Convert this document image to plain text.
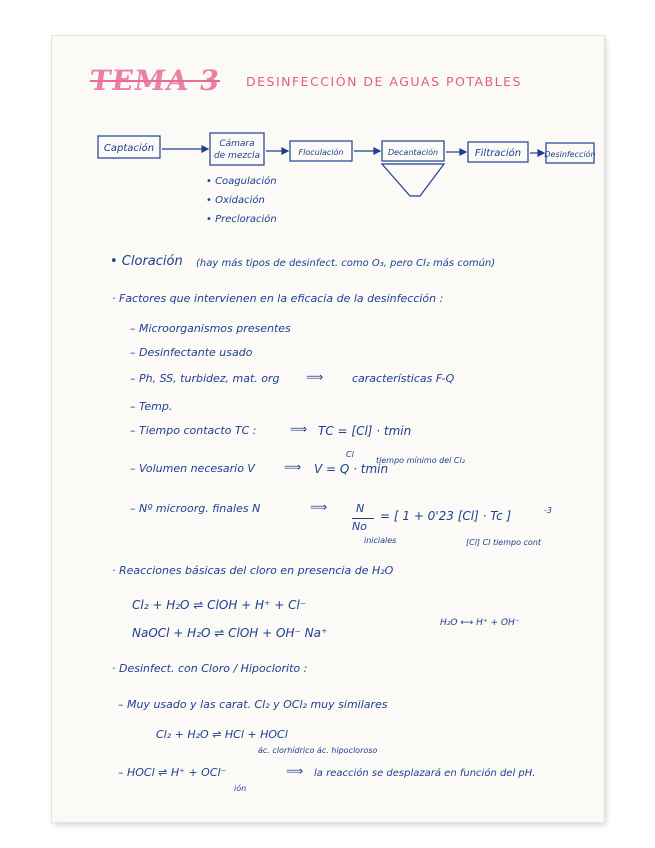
TEMA 3 DESINFECCIÓN DE AGUAS POTABLES
Captación	Cámara
de mezcla	Floculación	Decantación	Filtración	Desinfección
• Coagulación
• Oxidación
• Precloración
• Cloración (hay más tipos de desinfect. como O₃, pero Cl₂ más común)
· Factores que intervienen en la eficacia de la desinfección :
– Microorganismos presentes
– Desinfectante usado
– Ph, SS, turbidez, mat. org ⟹	características F-Q
– Temp.
– Tiempo contacto TC :	⟹ TC = [Cl] · tmin
Cl
tiempo mínimo del Cl₂
– Volumen necesario V ⟹ V = Q · tmin
– Nº microorg. finales N	⟹	N
No
= [ 1 + 0'23 [Cl] · Tc ]	-3
iniciales	[Cl] Cl tiempo cont
· Reacciones básicas del cloro en presencia de H₂O
Cl₂ + H₂O ⇌ ClOH + H⁺ + Cl⁻
NaOCl + H₂O ⇌ ClOH + OH⁻ Na⁺
H₂O ⟷ H⁺ + OH⁻
· Desinfect. con Cloro / Hipoclorito :
– Muy usado y las carat. Cl₂ y OCl₂ muy similares
Cl₂ + H₂O ⇌ HCl + HOCl
ác. clorhídrico ác. hipocloroso
– HOCl ⇌ H⁺ + OCl⁻	⟹ la reacción se desplazará en función del pH.
ión
